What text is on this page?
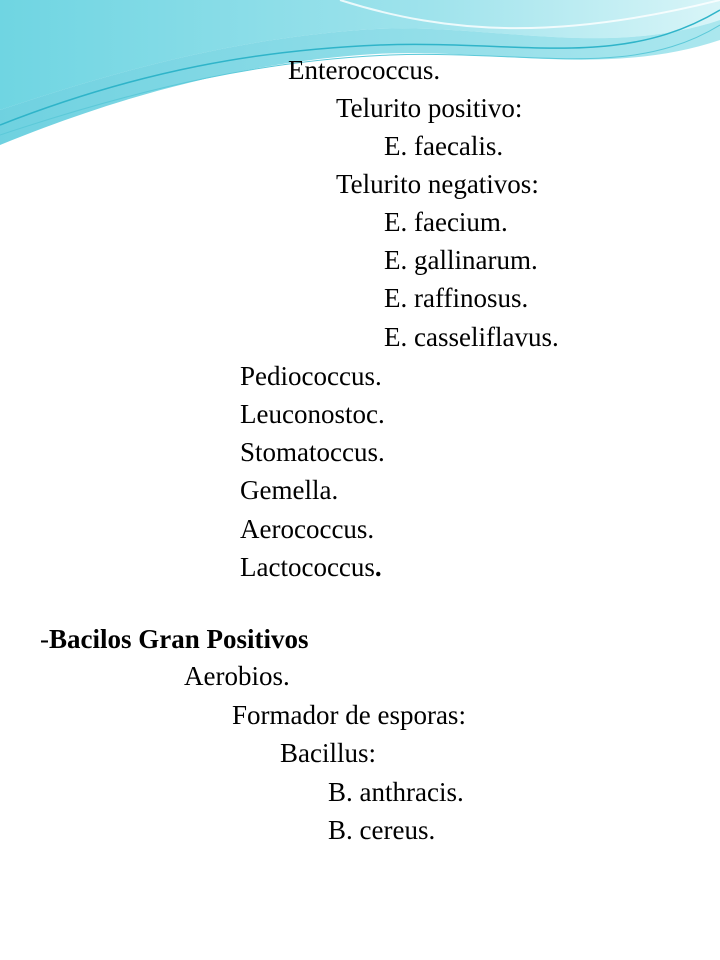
Enterococcus.
Telurito positivo:
E. faecalis.
Telurito negativos:
E. faecium.
E. gallinarum.
E. raffinosus.
E. casseliflavus.
Pediococcus.
Leuconostoc.
Stomatoccus.
Gemella.
Aerococcus.
Lactococcus.
-Bacilos Gran Positivos
Aerobios.
Formador de esporas:
Bacillus:
B. anthracis.
B. cereus.
